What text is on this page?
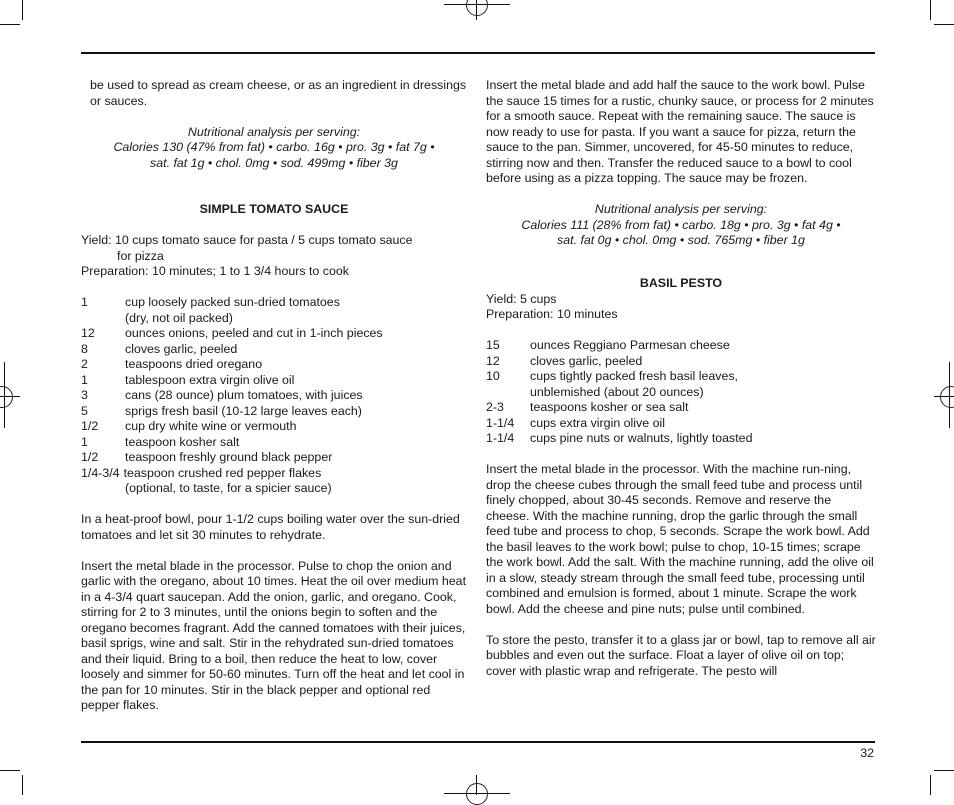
be used to spread as cream cheese, or as an ingredient in dressings or sauces.

Nutritional analysis per serving:

Calories 130 (47% from fat) • carbo. 16g • pro. 3g • fat 7g •

sat. fat 1g • chol. 0mg • sod. 499mg • fiber 3g

SIMPLE TOMATO SAUCE

Yield: 10 cups tomato sauce for pasta / 5 cups tomato sauce

for pizza

Preparation: 10 minutes; 1 to 1 3/4 hours to cook

1	cup loosely packed sun-dried tomatoes
(dry, not oil packed)
12	ounces onions, peeled and cut in 1-inch pieces
8	cloves garlic, peeled
2	teaspoons dried oregano
1	tablespoon extra virgin olive oil
3	cans (28 ounce) plum tomatoes, with juices
5	sprigs fresh basil (10-12 large leaves each)
1/2	cup dry white wine or vermouth
1	teaspoon kosher salt
1/2	teaspoon freshly ground black pepper
1/4-3/4 teaspoon crushed red pepper flakes
(optional, to taste, for a spicier sauce)

In a heat-proof bowl, pour 1-1/2 cups boiling water over the sun-dried tomatoes and let sit 30 minutes to rehydrate.

Insert the metal blade in the processor. Pulse to chop the onion and garlic with the oregano, about 10 times. Heat the oil over medium heat in a 4-3/4 quart saucepan. Add the onion, garlic, and oregano. Cook, stirring for 2 to 3 minutes, until the onions begin to soften and the oregano becomes fragrant. Add the canned tomatoes with their juices, basil sprigs, wine and salt. Stir in the rehydrated sun-dried tomatoes and their liquid. Bring to a boil, then reduce the heat to low, cover loosely and simmer for 50-60 minutes. Turn off the heat and let cool in the pan for 10 minutes. Stir in the black pepper and optional red pepper flakes.

Insert the metal blade and add half the sauce to the work bowl. Pulse the sauce 15 times for a rustic, chunky sauce, or process for 2 minutes for a smooth sauce. Repeat with the remaining sauce. The sauce is now ready to use for pasta. If you want a sauce for pizza, return the sauce to the pan. Simmer, uncovered, for 45-50 minutes to reduce, stirring now and then. Transfer the reduced sauce to a bowl to cool before using as a pizza topping. The sauce may be frozen.

Nutritional analysis per serving:

Calories 111 (28% from fat) • carbo. 18g • pro. 3g • fat 4g •

sat. fat 0g • chol. 0mg • sod. 765mg • fiber 1g

BASIL PESTO

Yield: 5 cups

Preparation: 10 minutes

15	ounces Reggiano Parmesan cheese
12	cloves garlic, peeled
10	cups tightly packed fresh basil leaves,
unblemished (about 20 ounces)
2-3	teaspoons kosher or sea salt
1-1/4	cups extra virgin olive oil
1-1/4	cups pine nuts or walnuts, lightly toasted

Insert the metal blade in the processor. With the machine run-ning, drop the cheese cubes through the small feed tube and process until finely chopped, about 30-45 seconds. Remove and reserve the cheese. With the machine running, drop the garlic through the small feed tube and process to chop, 5 seconds. Scrape the work bowl. Add the basil leaves to the work bowl; pulse to chop, 10-15 times; scrape the work bowl. Add the salt. With the machine running, add the olive oil in a slow, steady stream through the small feed tube, processing until combined and emulsion is formed, about 1 minute. Scrape the work bowl. Add the cheese and pine nuts; pulse until combined.

To store the pesto, transfer it to a glass jar or bowl, tap to remove all air bubbles and even out the surface. Float a layer of olive oil on top; cover with plastic wrap and refrigerate. The pesto will

32
